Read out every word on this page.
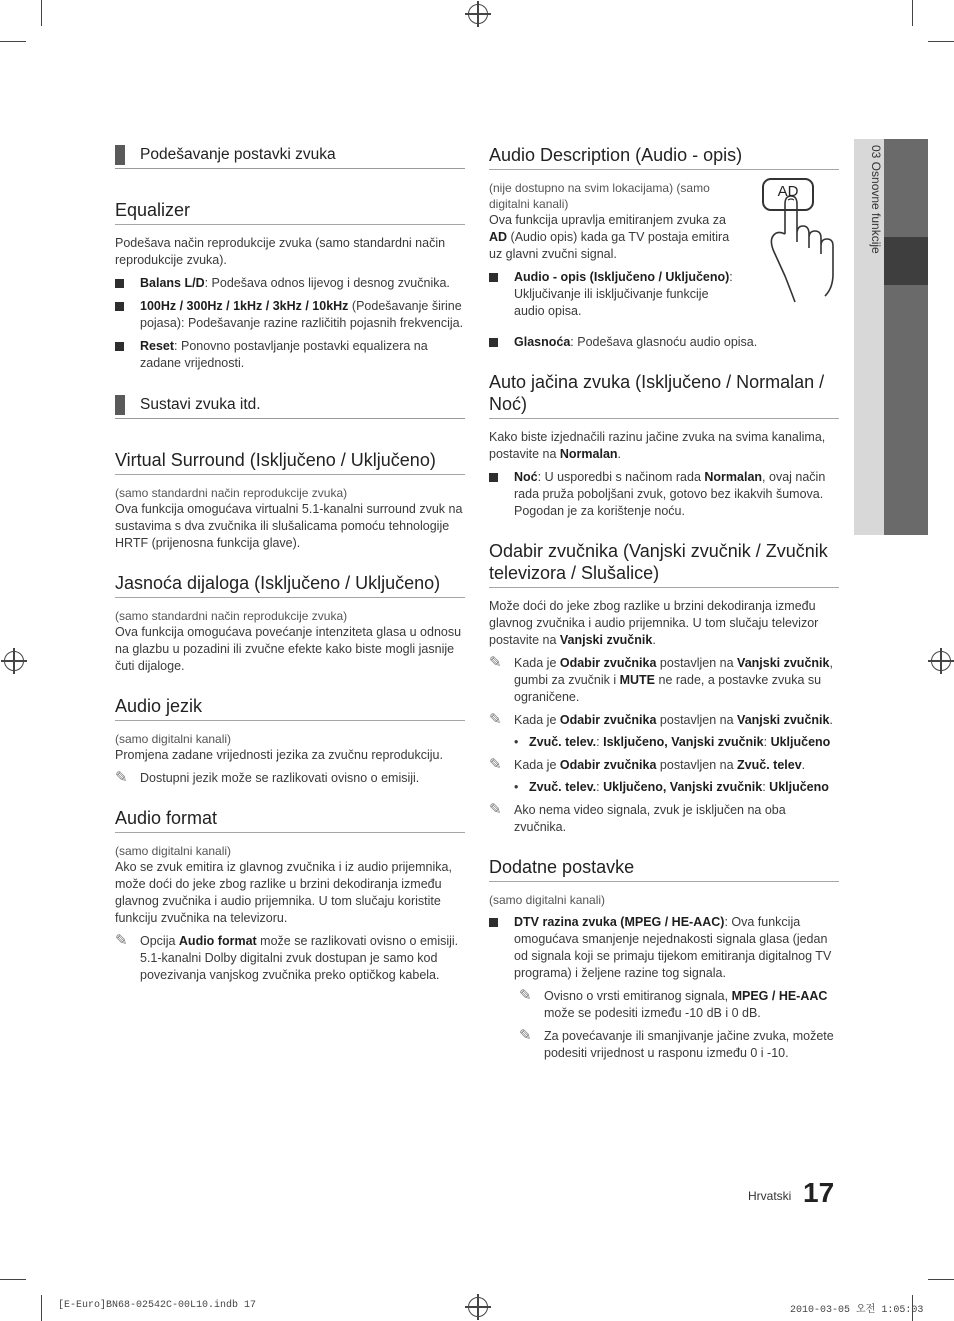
03 Osnovne funkcije
Podešavanje postavki zvuka
Equalizer

Podešava način reprodukcije zvuka (samo standardni način reprodukcije zvuka).

Balans L/D: Podešava odnos lijevog i desnog zvučnika.
100Hz / 300Hz / 1kHz / 3kHz / 10kHz (Podešavanje širine pojasa): Podešavanje razine različitih pojasnih frekvencija.
Reset: Ponovno postavljanje postavki equalizera na zadane vrijednosti.
Sustavi zvuka itd.
Virtual Surround (Isključeno / Uključeno)

(samo standardni način reprodukcije zvuka)

Ova funkcija omogućava virtualni 5.1-kanalni surround zvuk na sustavima s dva zvučnika ili slušalicama pomoću tehnologije HRTF (prijenosna funkcija glave).

Jasnoća dijaloga (Isključeno / Uključeno)

(samo standardni način reprodukcije zvuka)

Ova funkcija omogućava povećanje intenziteta glasa u odnosu na glazbu u pozadini ili zvučne efekte kako biste mogli jasnije čuti dijaloge.

Audio jezik

(samo digitalni kanali)

Promjena zadane vrijednosti jezika za zvučnu reprodukciju.

✎ Dostupni jezik može se razlikovati ovisno o emisiji.
Audio format

(samo digitalni kanali)

Ako se zvuk emitira iz glavnog zvučnika i iz audio prijemnika, može doći do jeke zbog razlike u brzini dekodiranja između glavnog zvučnika i audio prijemnika. U tom slučaju koristite funkciju zvučnika na televizoru.

✎ Opcija Audio format može se razlikovati ovisno o emisiji. 5.1-kanalni Dolby digitalni zvuk dostupan je samo kod povezivanja vanjskog zvučnika preko optičkog kabela.
Audio Description (Audio - opis)

(nije dostupno na svim lokacijama) (samo digitalni kanali)

Ova funkcija upravlja emitiranjem zvuka za AD (Audio opis) kada ga TV postaja emitira uz glavni zvučni signal.

Audio - opis (Isključeno / Uključeno): Uključivanje ili isključivanje funkcije audio opisa.
Glasnoća: Podešava glasnoću audio opisa.
AD
Auto jačina zvuka (Isključeno / Normalan / Noć)

Kako biste izjednačili razinu jačine zvuka na svima kanalima, postavite na Normalan.

Noć: U usporedbi s načinom rada Normalan, ovaj način rada pruža poboljšani zvuk, gotovo bez ikakvih šumova. Pogodan je za korištenje noću.
Odabir zvučnika (Vanjski zvučnik / Zvučnik televizora / Slušalice)

Može doći do jeke zbog razlike u brzini dekodiranja između glavnog zvučnika i audio prijemnika. U tom slučaju televizor postavite na Vanjski zvučnik.

✎ Kada je Odabir zvučnika postavljen na Vanjski zvučnik, gumbi za zvučnik i MUTE ne rade, a postavke zvuka su ograničene.
✎ Kada je Odabir zvučnika postavljen na Vanjski zvučnik.
• Zvuč. telev.: Isključeno, Vanjski zvučnik: Uključeno
✎ Kada je Odabir zvučnika postavljen na Zvuč. telev.
• Zvuč. telev.: Uključeno, Vanjski zvučnik: Uključeno
✎ Ako nema video signala, zvuk je isključen na oba zvučnika.
Dodatne postavke

(samo digitalni kanali)

DTV razina zvuka (MPEG / HE-AAC): Ova funkcija omogućava smanjenje nejednakosti signala glasa (jedan od signala koji se primaju tijekom emitiranja digitalnog TV programa) i željene razine tog signala.
✎ Ovisno o vrsti emitiranog signala, MPEG / HE-AAC može se podesiti između -10 dB i 0 dB.
✎ Za povećavanje ili smanjivanje jačine zvuka, možete podesiti vrijednost u rasponu između 0 i -10.
Hrvatski 17
[E-Euro]BN68-02542C-00L10.indb 17	2010-03-05 오전 1:05:03
